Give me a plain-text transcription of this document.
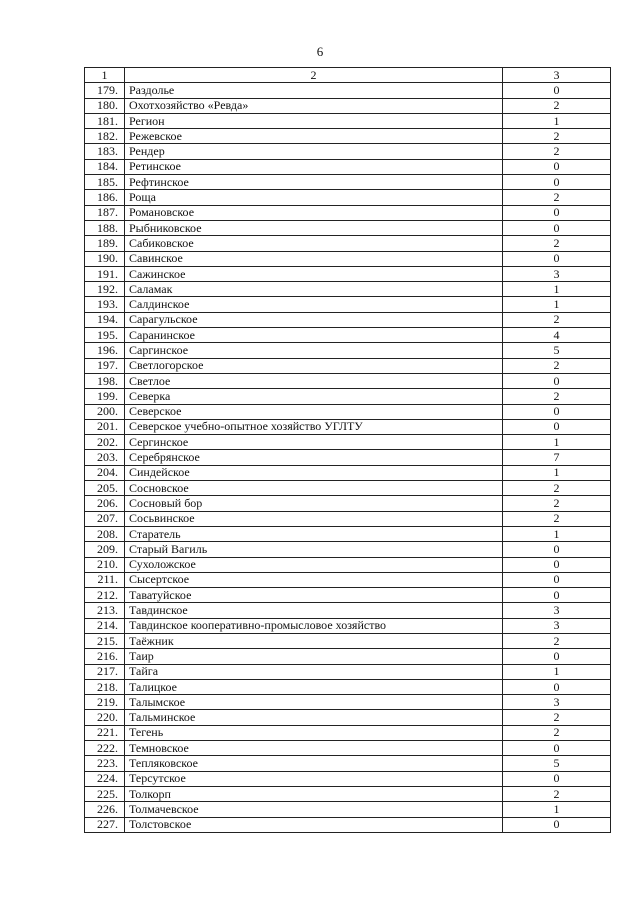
6
1	2	3
179.	Раздолье	0
180.	Охотхозяйство «Ревда»	2
181.	Регион	1
182.	Режевское	2
183.	Рендер	2
184.	Ретинское	0
185.	Рефтинское	0
186.	Роща	2
187.	Романовское	0
188.	Рыбниковское	0
189.	Сабиковское	2
190.	Савинское	0
191.	Сажинское	3
192.	Саламак	1
193.	Салдинское	1
194.	Сарагульское	2
195.	Саранинское	4
196.	Саргинское	5
197.	Светлогорское	2
198.	Светлое	0
199.	Северка	2
200.	Северское	0
201.	Северское учебно-опытное хозяйство УГЛТУ	0
202.	Сергинское	1
203.	Серебрянское	7
204.	Синдейское	1
205.	Сосновское	2
206.	Сосновый бор	2
207.	Сосьвинское	2
208.	Старатель	1
209.	Старый Вагиль	0
210.	Сухоложское	0
211.	Сысертское	0
212.	Таватуйское	0
213.	Тавдинское	3
214.	Тавдинское кооперативно-промысловое хозяйство	3
215.	Таёжник	2
216.	Таир	0
217.	Тайга	1
218.	Талицкое	0
219.	Талымское	3
220.	Тальминское	2
221.	Тегень	2
222.	Темновское	0
223.	Тепляковское	5
224.	Терсутское	0
225.	Толкорп	2
226.	Толмачевское	1
227.	Толстовское	0
